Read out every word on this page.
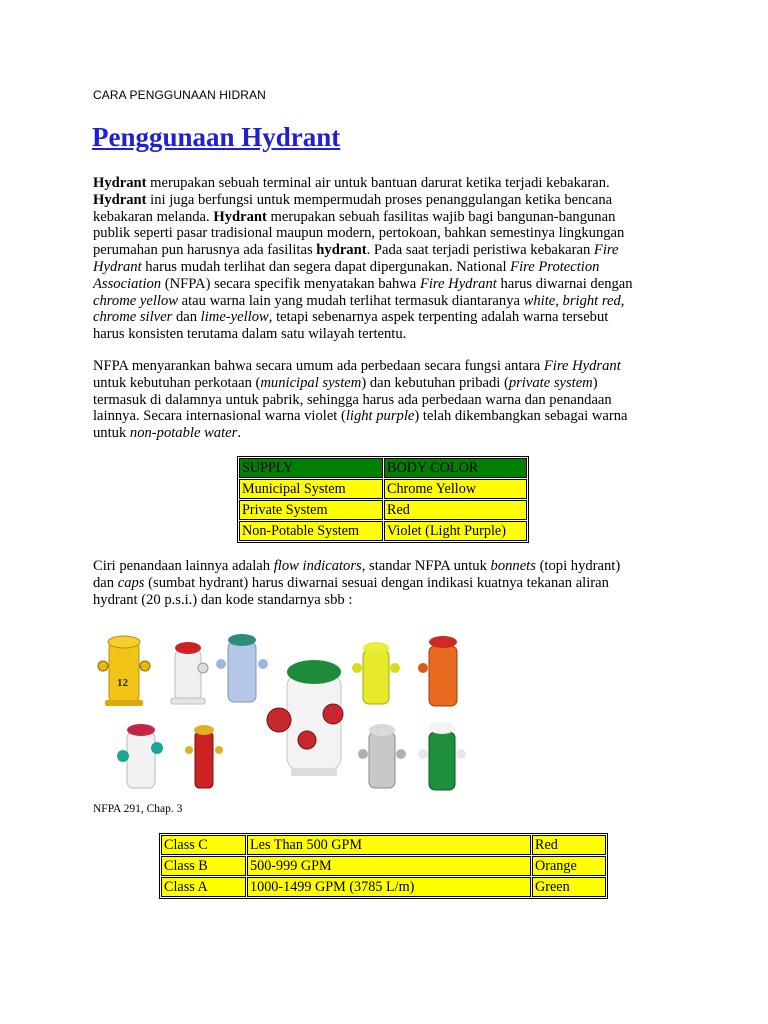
CARA PENGGUNAAN HIDRAN
Penggunaan Hydrant
Hydrant merupakan sebuah terminal air untuk bantuan darurat ketika terjadi kebakaran.
Hydrant ini juga berfungsi untuk mempermudah proses penanggulangan ketika bencana
kebakaran melanda. Hydrant merupakan sebuah fasilitas wajib bagi bangunan-bangunan
publik seperti pasar tradisional maupun modern, pertokoan, bahkan semestinya lingkungan
perumahan pun harusnya ada fasilitas hydrant. Pada saat terjadi peristiwa kebakaran Fire
Hydrant harus mudah terlihat dan segera dapat dipergunakan. National Fire Protection
Association (NFPA) secara specifik menyatakan bahwa Fire Hydrant harus diwarnai dengan
chrome yellow atau warna lain yang mudah terlihat termasuk diantaranya white, bright red,
chrome silver dan lime-yellow, tetapi sebenarnya aspek terpenting adalah warna tersebut
harus konsisten terutama dalam satu wilayah tertentu.
NFPA menyarankan bahwa secara umum ada perbedaan secara fungsi antara Fire Hydrant
untuk kebutuhan perkotaan (municipal system) dan kebutuhan pribadi (private system)
termasuk di dalamnya untuk pabrik, sehingga harus ada perbedaan warna dan penandaan
lainnya. Secara internasional warna violet (light purple) telah dikembangkan sebagai warna
untuk non-potable water.
SUPPLY	BODY COLOR
Municipal System	Chrome Yellow
Private System	Red
Non-Potable System	Violet (Light Purple)
Ciri penandaan lainnya adalah flow indicators, standar NFPA untuk bonnets (topi hydrant)
dan caps (sumbat hydrant) harus diwarnai sesuai dengan indikasi kuatnya tekanan aliran
hydrant (20 p.s.i.) dan kode standarnya sbb :
12
NFPA 291, Chap. 3
Class C	Les Than 500 GPM	Red
Class B	500-999 GPM	Orange
Class A	1000-1499 GPM (3785 L/m)	Green
